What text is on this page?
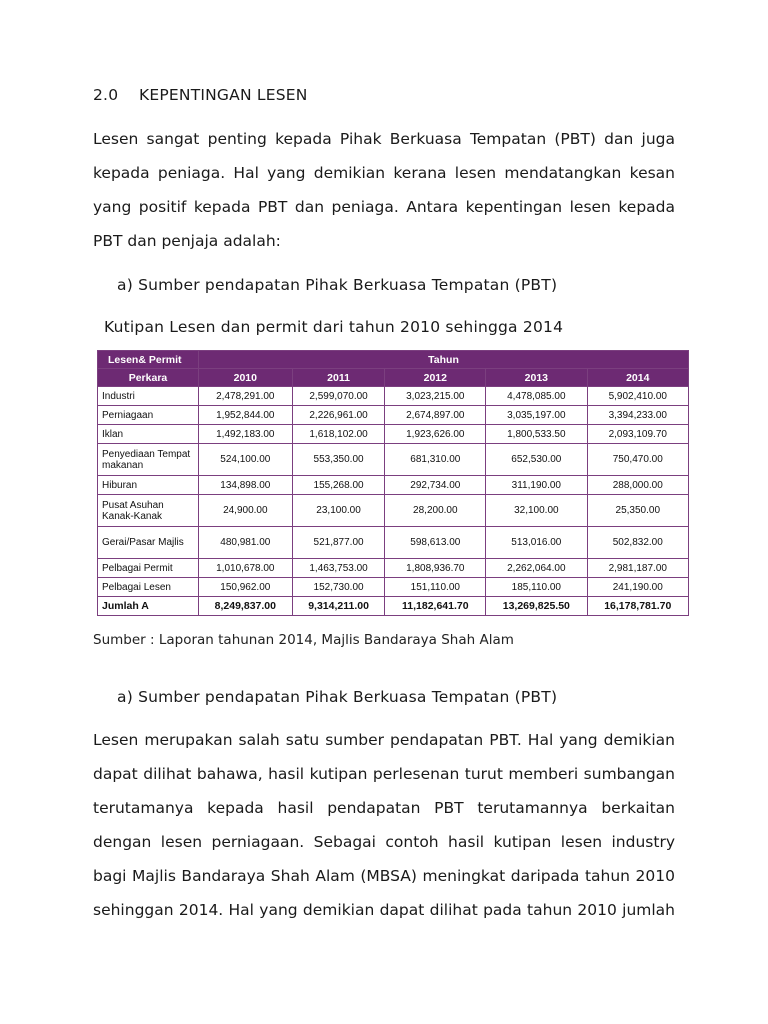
2.0 KEPENTINGAN LESEN
Lesen sangat penting kepada Pihak Berkuasa Tempatan (PBT) dan juga
kepada peniaga. Hal yang demikian kerana lesen mendatangkan kesan
yang positif kepada PBT dan peniaga. Antara kepentingan lesen kepada
PBT dan penjaja adalah:
a) Sumber pendapatan Pihak Berkuasa Tempatan (PBT)
Kutipan Lesen dan permit dari tahun 2010 sehingga 2014
Lesen& Permit	Tahun				
Perkara	2010	2011	2012	2013	2014
Industri	2,478,291.00	2,599,070.00	3,023,215.00	4,478,085.00	5,902,410.00
Perniagaan	1,952,844.00	2,226,961.00	2,674,897.00	3,035,197.00	3,394,233.00
Iklan	1,492,183.00	1,618,102.00	1,923,626.00	1,800,533.50	2,093,109.70
Penyediaan Tempat makanan	524,100.00	553,350.00	681,310.00	652,530.00	750,470.00
Hiburan	134,898.00	155,268.00	292,734.00	311,190.00	288,000.00
Pusat Asuhan Kanak-Kanak	24,900.00	23,100.00	28,200.00	32,100.00	25,350.00
Gerai/Pasar Majlis	480,981.00	521,877.00	598,613.00	513,016.00	502,832.00
Pelbagai Permit	1,010,678.00	1,463,753.00	1,808,936.70	2,262,064.00	2,981,187.00
Pelbagai Lesen	150,962.00	152,730.00	151,110.00	185,110.00	241,190.00
Jumlah A	8,249,837.00	9,314,211.00	11,182,641.70	13,269,825.50	16,178,781.70
Sumber : Laporan tahunan 2014, Majlis Bandaraya Shah Alam
a) Sumber pendapatan Pihak Berkuasa Tempatan (PBT)
Lesen merupakan salah satu sumber pendapatan PBT. Hal yang demikian
dapat dilihat bahawa, hasil kutipan perlesenan turut memberi sumbangan
terutamanya kepada hasil pendapatan PBT terutamannya berkaitan
dengan lesen perniagaan. Sebagai contoh hasil kutipan lesen industry
bagi Majlis Bandaraya Shah Alam (MBSA) meningkat daripada tahun 2010
sehinggan 2014. Hal yang demikian dapat dilihat pada tahun 2010 jumlah
